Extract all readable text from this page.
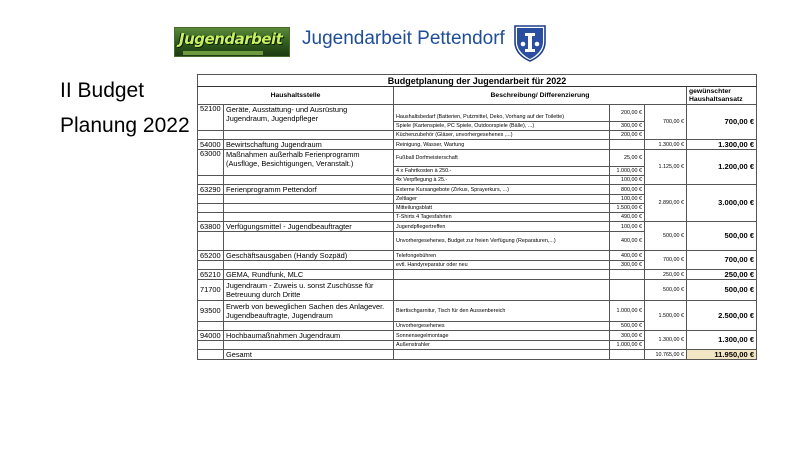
Jugendarbeit Jugendarbeit Pettendorf
II Budget
Planung 2022
Budgetplanung der Jugendarbeit für 2022					
Haushaltsstelle		Beschreibung/ Differenzierung			gewünschter
Haushaltsansatz
52100	Geräte, Ausstattung- und Ausrüstung Jugendraum, Jugendpfleger	Haushaltsbedarf (Batterien, Putzmittel, Deko, Vorhang auf der Toilette)	200,00 €	700,00 €	700,00 €
		Spiele (Kartenspiele, PC Spiele, Outdoorspiele (Bälle), ...)	300,00 €		
		Küchenzubehör (Gläser, unvorhergesehenes ,...)	200,00 €		
54000	Bewirtschaftung Jugendraum	Reinigung, Wasser, Wartung		1.300,00 €	1.300,00 €
63000	Maßnahmen außerhalb Ferienprogramm (Ausflüge, Besichtigungen, Veranstalt.)	Fußball Dorfmeisterschaft	25,00 €	1.125,00 €	1.200,00 €
		4 x Fahrtkosten à 250.-	1.000,00 €		
		4x Verpflegung à 25.-	100,00 €		
63290	Ferienprogramm Pettendorf	Externe Kursangebote (Zirkus, Sprayerkurs, ...)	800,00 €	2.890,00 €	3.000,00 €
		Zeltlager	100,00 €		
		Mitteilungsblatt	1.500,00 €		
		T-Shirts 4 Tagesfahrten	490,00 €		
63800	Verfügungsmittel - Jugendbeauftragter	Jugendpflegertreffen	100,00 €	500,00 €	500,00 €
		Unvorhergesehenes, Budget zur freien Verfügung (Reparaturen,...)	400,00 €		
65200	Geschäftsausgaben (Handy Sozpäd)	Telefongebühren	400,00 €	700,00 €	700,00 €
		evtl. Handyreparatur oder neu	300,00 €		
65210	GEMA, Rundfunk, MLC			250,00 €	250,00 €
71700	Jugendraum - Zuweis u. sonst Zuschüsse für Betreuung durch Dritte			500,00 €	500,00 €
93500	Erwerb von beweglichen Sachen des Anlagever. Jugendbeauftragte, Jugendraum	Biertischgarnitur, Tisch für den Aussenbereich	1.000,00 €	1.500,00 €	2.500,00 €
		Unvorhergesehenes	500,00 €		
94000	Hochbaumaßnahmen Jugendraum	Sonnensegelmontage	300,00 €	1.300,00 €	1.300,00 €
		Außenstrahler	1.000,00 €		
	Gesamt			10.765,00 €	11.950,00 €
